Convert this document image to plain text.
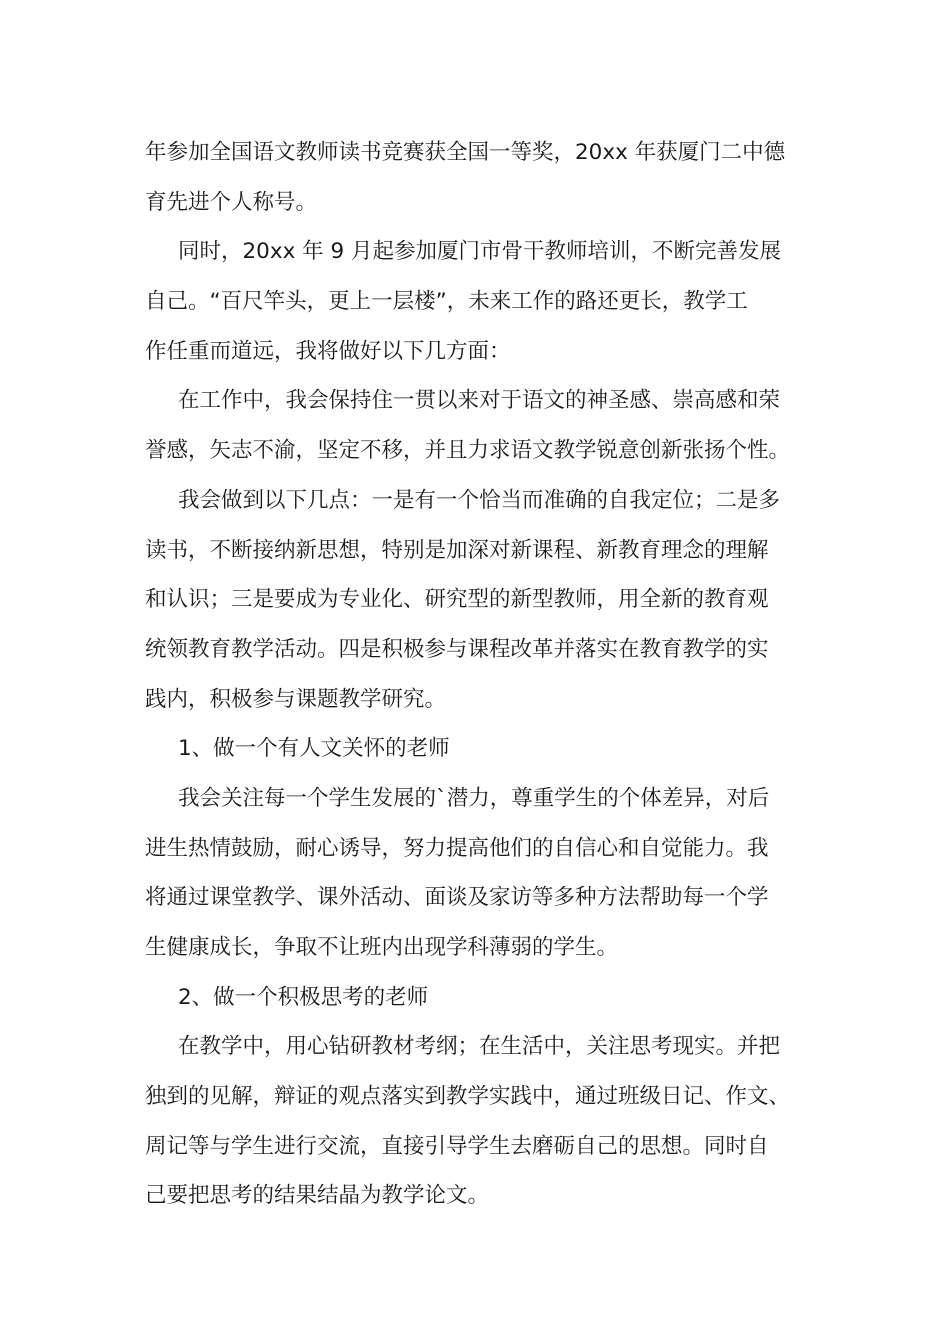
年参加全国语文教师读书竞赛获全国一等奖，20xx 年获厦门二中德
育先进个人称号。
同时，20xx 年 9 月起参加厦门市骨干教师培训，不断完善发展
自己。“百尺竿头，更上一层楼”，未来工作的路还更长，教学工
作任重而道远，我将做好以下几方面：
在工作中，我会保持住一贯以来对于语文的神圣感、崇高感和荣
誉感，矢志不渝，坚定不移，并且力求语文教学锐意创新张扬个性。
我会做到以下几点：一是有一个恰当而准确的自我定位；二是多
读书，不断接纳新思想，特别是加深对新课程、新教育理念的理解
和认识；三是要成为专业化、研究型的新型教师，用全新的教育观
统领教育教学活动。四是积极参与课程改革并落实在教育教学的实
践内，积极参与课题教学研究。
1、做一个有人文关怀的老师
我会关注每一个学生发展的`潜力，尊重学生的个体差异，对后
进生热情鼓励，耐心诱导，努力提高他们的自信心和自觉能力。我
将通过课堂教学、课外活动、面谈及家访等多种方法帮助每一个学
生健康成长，争取不让班内出现学科薄弱的学生。
2、做一个积极思考的老师
在教学中，用心钻研教材考纲；在生活中，关注思考现实。并把
独到的见解，辩证的观点落实到教学实践中，通过班级日记、作文、
周记等与学生进行交流，直接引导学生去磨砺自己的思想。同时自
己要把思考的结果结晶为教学论文。
